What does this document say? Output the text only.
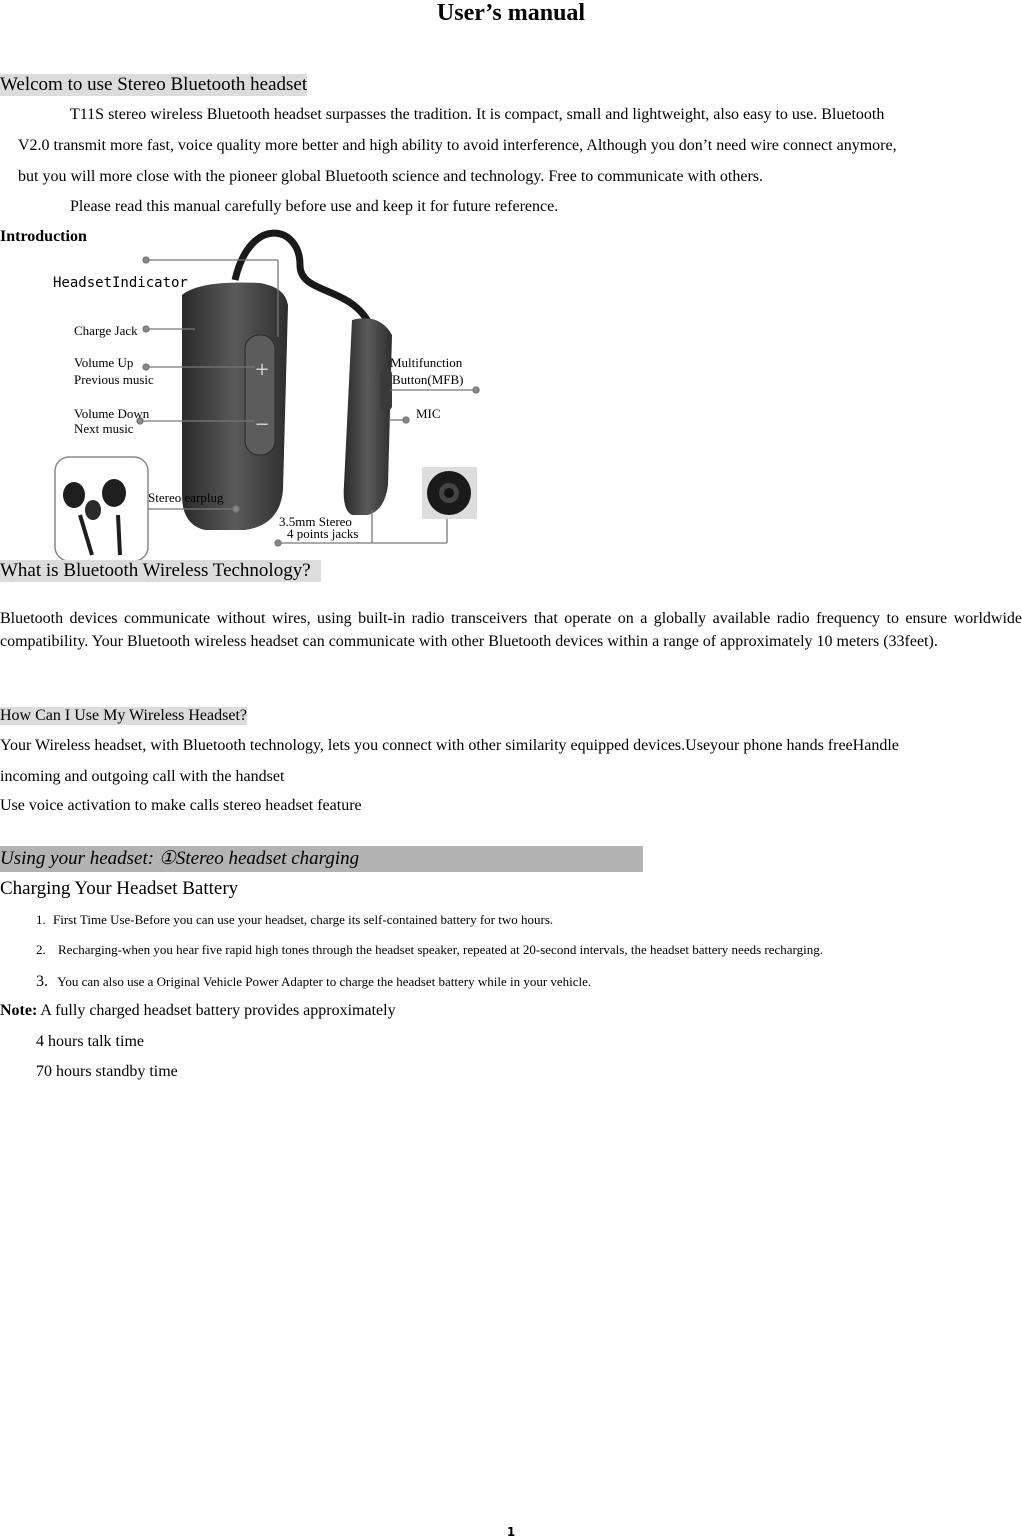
User’s manual
Welcom to use Stereo Bluetooth headset
T11S stereo wireless Bluetooth headset surpasses the tradition. It is compact, small and lightweight, also easy to use. Bluetooth
V2.0 transmit more fast, voice quality more better and high ability to avoid interference, Although you don’t need wire connect anymore,
but you will more close with the pioneer global Bluetooth science and technology. Free to communicate with others.
Please read this manual carefully before use and keep it for future reference.
Introduction
+
−
HeadsetIndicator
Charge Jack
Volume Up
Previous music
Volume Down
Next music
Stereo earplug
Multifunction
Button(MFB)
MIC
3.5mm Stereo
4 points jacks
What is Bluetooth Wireless Technology?
Bluetooth devices communicate without wires, using built-in radio transceivers that operate on a globally available radio frequency to ensure worldwide compatibility. Your Bluetooth wireless headset can communicate with other Bluetooth devices within a range of approximately 10 meters (33feet).
How Can I Use My Wireless Headset?
Your Wireless headset, with Bluetooth technology, lets you connect with other similarity equipped devices.Useyour phone hands freeHandle
incoming and outgoing call with the handset
Use voice activation to make calls stereo headset feature
Using your headset: ①Stereo headset charging
Charging Your Headset Battery
1. First Time Use-Before you can use your headset, charge its self-contained battery for two hours.
2. Recharging-when you hear five rapid high tones through the headset speaker, repeated at 20-second intervals, the headset battery needs recharging.
3. You can also use a Original Vehicle Power Adapter to charge the headset battery while in your vehicle.
Note: A fully charged headset battery provides approximately
4 hours talk time
70 hours standby time
1
